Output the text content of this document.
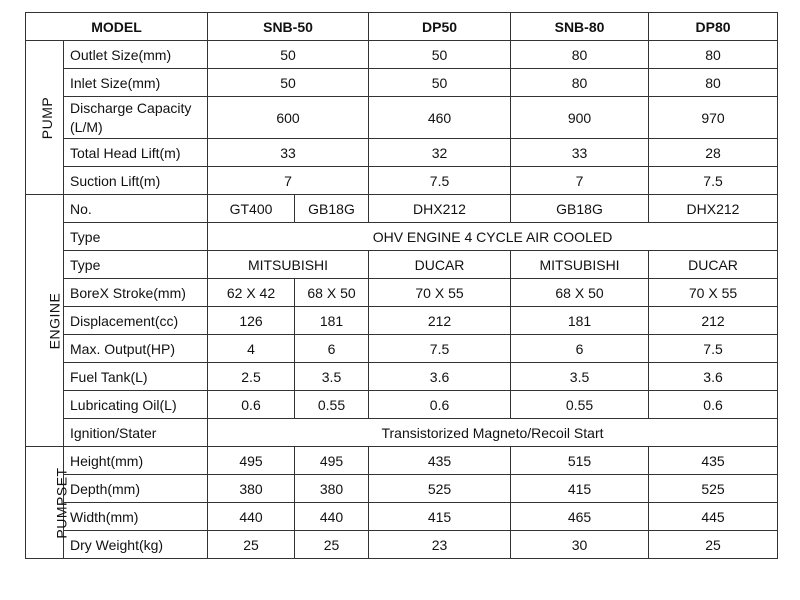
MODEL		SNB-50		DP50	SNB-80	DP80
PUMP	Outlet Size(mm)	50		50	80	80
	Inlet Size(mm)	50		50	80	80
	Discharge Capacity (L/M)	600		460	900	970
	Total Head Lift(m)	33		32	33	28
	Suction Lift(m)	7		7.5	7	7.5
ENGINE	No.	GT400	GB18G	DHX212	GB18G	DHX212
	Type	OHV ENGINE 4 CYCLE AIR COOLED				
	Type	MITSUBISHI		DUCAR	MITSUBISHI	DUCAR
	BoreX Stroke(mm)	62 X 42	68 X 50	70 X 55	68 X 50	70 X 55
	Displacement(cc)	126	181	212	181	212
	Max. Output(HP)	4	6	7.5	6	7.5
	Fuel Tank(L)	2.5	3.5	3.6	3.5	3.6
	Lubricating Oil(L)	0.6	0.55	0.6	0.55	0.6
	Ignition/Stater	Transistorized Magneto/Recoil Start				
PUMPSET	Height(mm)	495	495	435	515	435
	Depth(mm)	380	380	525	415	525
	Width(mm)	440	440	415	465	445
	Dry Weight(kg)	25	25	23	30	25
